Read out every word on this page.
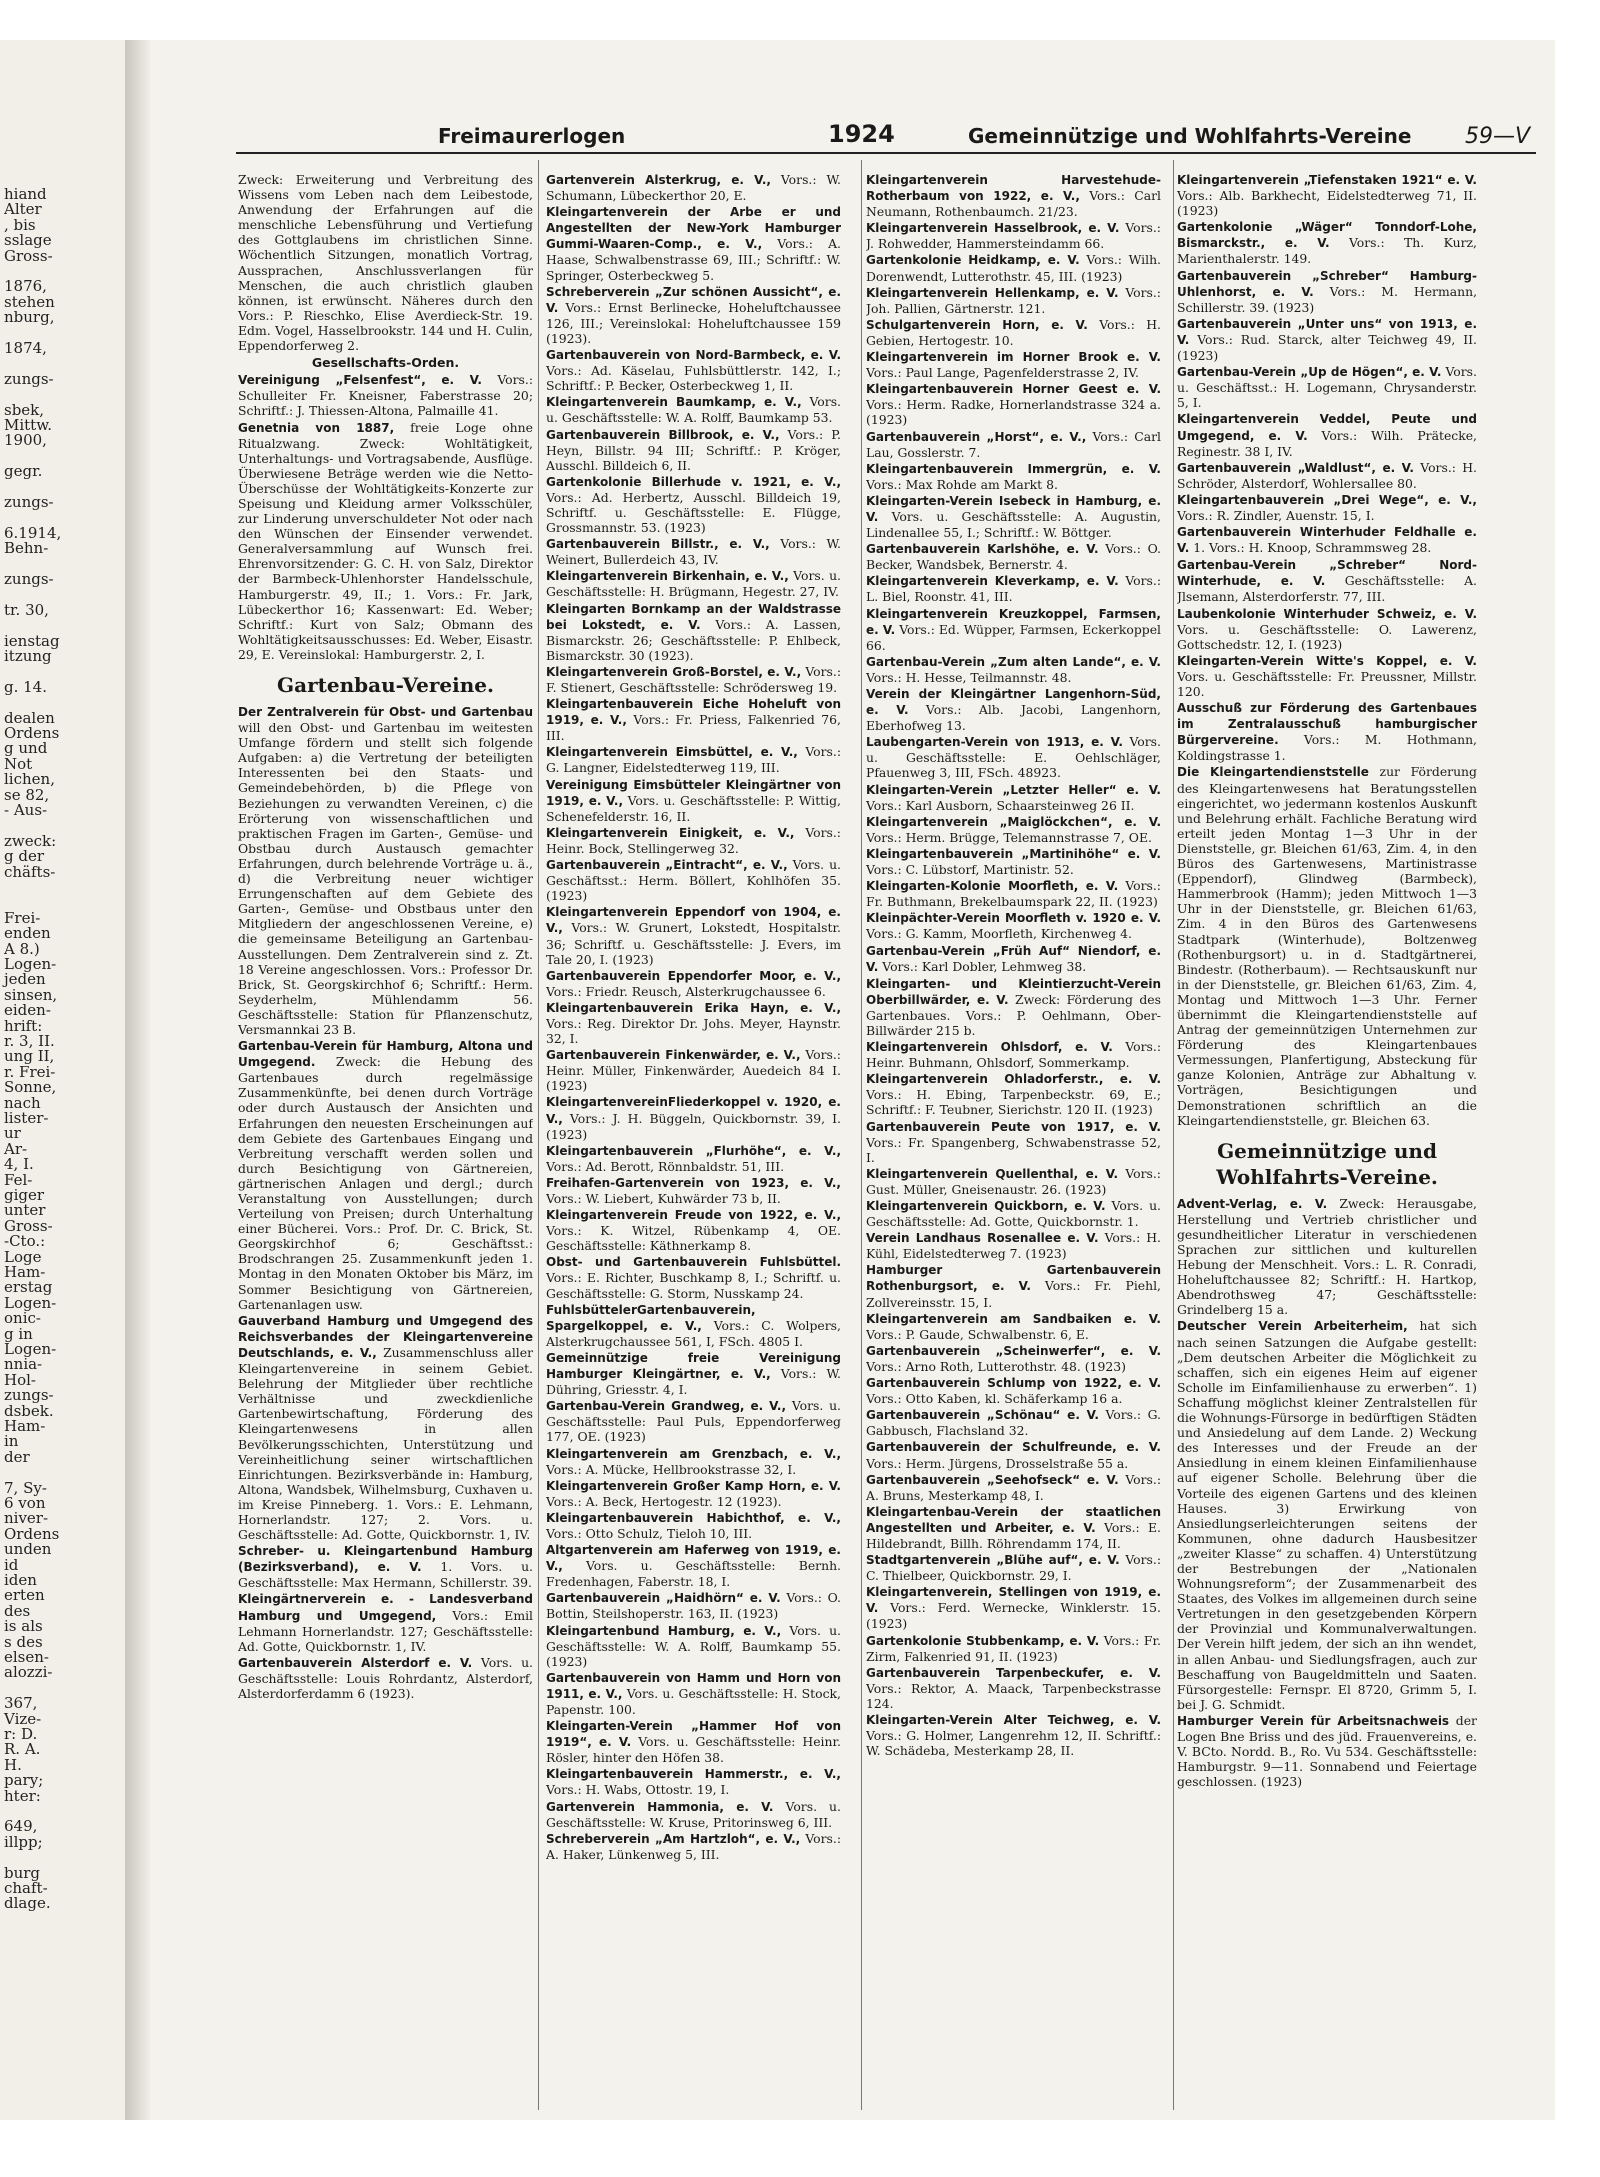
hiand
Alter
, bis
sslage
Gross-
1876,
stehen
nburg,
1874,
zungs-
sbek,
Mittw.
1900,
gegr.
zungs-
6.1914,
Behn-
zungs-
tr. 30,
ienstag
itzung
g. 14.
dealen
Ordens
g und
Not
lichen,
se 82,
- Aus-
zweck:
g der
chäfts-
Frei-
enden
A 8.)
Logen-
jeden
sinsen,
eiden-
hrift:
r. 3, II.
ung II,
r. Frei-
Sonne,
nach
lister-
ur
Ar-
4, I.
Fel-
giger
unter
Gross-
-Cto.:
Loge
Ham-
erstag
Logen-
onic-
g in
Logen-
nnia-
Hol-
zungs-
dsbek.
Ham-
in
der
7, Sy-
6 von
niver-
Ordens
unden
id
iden
erten
des
is als
s des
elsen-
alozzi-
367,
Vize-
r: D.
R. A.
H.
pary;
hter:
649,
illpp;
burg
chaft-
dlage.
Freimaurerlogen	1924	Gemeinnützige und Wohlfahrts-Vereine 59—V
Zweck: Erweiterung und Verbreitung des Wissens vom Leben nach dem Leibestode, Anwendung der Erfahrungen auf die menschliche Lebensführung und Vertiefung des Gottglaubens im christlichen Sinne. Wöchentlich Sitzungen, monatlich Vortrag, Aussprachen, Anschlussverlangen für Menschen, die auch christlich glauben können, ist erwünscht. Näheres durch den Vors.: P. Rieschko, Elise Averdieck-Str. 19. Edm. Vogel, Hasselbrookstr. 144 und H. Culin, Eppendorferweg 2.
Gesellschafts-Orden.
Vereinigung „Felsenfest“, e. V. Vors.: Schulleiter Fr. Kneisner, Faberstrasse 20; Schriftf.: J. Thiessen-Altona, Palmaille 41.
Genetnia von 1887, freie Loge ohne Ritualzwang. Zweck: Wohltätigkeit, Unterhaltungs- und Vortragsabende, Ausflüge. Überwiesene Beträge werden wie die Netto-Überschüsse der Wohltätigkeits-Konzerte zur Speisung und Kleidung armer Volksschüler, zur Linderung unverschuldeter Not oder nach den Wünschen der Einsender verwendet. Generalversammlung auf Wunsch frei. Ehrenvorsitzender: G. C. H. von Salz, Direktor der Barmbeck-Uhlenhorster Handelsschule, Hamburgerstr. 49, II.; 1. Vors.: Fr. Jark, Lübeckerthor 16; Kassenwart: Ed. Weber; Schriftf.: Kurt von Salz; Obmann des Wohltätigkeitsausschusses: Ed. Weber, Eisastr. 29, E. Vereinslokal: Hamburgerstr. 2, I.
Gartenbau-Vereine.
Der Zentralverein für Obst- und Gartenbau will den Obst- und Gartenbau im weitesten Umfange fördern und stellt sich folgende Aufgaben: a) die Vertretung der beteiligten Interessenten bei den Staats- und Gemeindebehörden, b) die Pflege von Beziehungen zu verwandten Vereinen, c) die Erörterung von wissenschaftlichen und praktischen Fragen im Garten-, Gemüse- und Obstbau durch Austausch gemachter Erfahrungen, durch belehrende Vorträge u. ä., d) die Verbreitung neuer wichtiger Errungenschaften auf dem Gebiete des Garten-, Gemüse- und Obstbaus unter den Mitgliedern der angeschlossenen Vereine, e) die gemeinsame Beteiligung an Gartenbau-Ausstellungen. Dem Zentralverein sind z. Zt. 18 Vereine angeschlossen. Vors.: Professor Dr. Brick, St. Georgskirchhof 6; Schriftf.: Herm. Seyderhelm, Mühlendamm 56. Geschäftsstelle: Station für Pflanzenschutz, Versmannkai 23 B.
Gartenbau-Verein für Hamburg, Altona und Umgegend. Zweck: die Hebung des Gartenbaues durch regelmässige Zusammenkünfte, bei denen durch Vorträge oder durch Austausch der Ansichten und Erfahrungen den neuesten Erscheinungen auf dem Gebiete des Gartenbaues Eingang und Verbreitung verschafft werden sollen und durch Besichtigung von Gärtnereien, gärtnerischen Anlagen und dergl.; durch Veranstaltung von Ausstellungen; durch Verteilung von Preisen; durch Unterhaltung einer Bücherei. Vors.: Prof. Dr. C. Brick, St. Georgskirchhof 6; Geschäftsst.: Brodschrangen 25. Zusammenkunft jeden 1. Montag in den Monaten Oktober bis März, im Sommer Besichtigung von Gärtnereien, Gartenanlagen usw.
Gauverband Hamburg und Umgegend des Reichsverbandes der Kleingartenvereine Deutschlands, e. V., Zusammenschluss aller Kleingartenvereine in seinem Gebiet. Belehrung der Mitglieder über rechtliche Verhältnisse und zweckdienliche Gartenbewirtschaftung, Förderung des Kleingartenwesens in allen Bevölkerungsschichten, Unterstützung und Vereinheitlichung seiner wirtschaftlichen Einrichtungen. Bezirksverbände in: Hamburg, Altona, Wandsbek, Wilhelmsburg, Cuxhaven u. im Kreise Pinneberg. 1. Vors.: E. Lehmann, Hornerlandstr. 127; 2. Vors. u. Geschäftsstelle: Ad. Gotte, Quickbornstr. 1, IV.
Schreber- u. Kleingartenbund Hamburg (Bezirksverband), e. V. 1. Vors. u. Geschäftsstelle: Max Hermann, Schillerstr. 39.
Kleingärtnerverein e. - Landesverband Hamburg und Umgegend, Vors.: Emil Lehmann Hornerlandstr. 127; Geschäftsstelle: Ad. Gotte, Quickbornstr. 1, IV.
Gartenbauverein Alsterdorf e. V. Vors. u. Geschäftsstelle: Louis Rohrdantz, Alsterdorf, Alsterdorferdamm 6 (1923).
Gartenverein Alsterkrug, e. V., Vors.: W. Schumann, Lübeckerthor 20, E.
Kleingartenverein der Arbe er und Angestellten der New-York Hamburger Gummi-Waaren-Comp., e. V., Vors.: A. Haase, Schwalbenstrasse 69, III.; Schriftf.: W. Springer, Osterbeckweg 5.
Schreberverein „Zur schönen Aussicht“, e. V. Vors.: Ernst Berlinecke, Hoheluftchaussee 126, III.; Vereinslokal: Hoheluftchaussee 159 (1923).
Gartenbauverein von Nord-Barmbeck, e. V. Vors.: Ad. Käselau, Fuhlsbüttlerstr. 142, I.; Schriftf.: P. Becker, Osterbeckweg 1, II.
Kleingartenverein Baumkamp, e. V., Vors. u. Geschäftsstelle: W. A. Rolff, Baumkamp 53.
Gartenbauverein Billbrook, e. V., Vors.: P. Heyn, Billstr. 94 III; Schriftf.: P. Kröger, Ausschl. Billdeich 6, II.
Gartenkolonie Billerhude v. 1921, e. V., Vors.: Ad. Herbertz, Ausschl. Billdeich 19, Schriftf. u. Geschäftsstelle: E. Flügge, Grossmannstr. 53. (1923)
Gartenbauverein Billstr., e. V., Vors.: W. Weinert, Bullerdeich 43, IV.
Kleingartenverein Birkenhain, e. V., Vors. u. Geschäftsstelle: H. Brügmann, Hegestr. 27, IV.
Kleingarten Bornkamp an der Waldstrasse bei Lokstedt, e. V. Vors.: A. Lassen, Bismarckstr. 26; Geschäftsstelle: P. Ehlbeck, Bismarckstr. 30 (1923).
Kleingartenverein Groß-Borstel, e. V., Vors.: F. Stienert, Geschäftsstelle: Schrödersweg 19.
Kleingartenbauverein Eiche Hoheluft von 1919, e. V., Vors.: Fr. Priess, Falkenried 76, III.
Kleingartenverein Eimsbüttel, e. V., Vors.: G. Langner, Eidelstedterweg 119, III.
Vereinigung Eimsbütteler Kleingärtner von 1919, e. V., Vors. u. Geschäftsstelle: P. Wittig, Schenefelderstr. 16, II.
Kleingartenverein Einigkeit, e. V., Vors.: Heinr. Bock, Stellingerweg 32.
Gartenbauverein „Eintracht“, e. V., Vors. u. Geschäftsst.: Herm. Böllert, Kohlhöfen 35. (1923)
Kleingartenverein Eppendorf von 1904, e. V., Vors.: W. Grunert, Lokstedt, Hospitalstr. 36; Schriftf. u. Geschäftsstelle: J. Evers, im Tale 20, I. (1923)
Gartenbauverein Eppendorfer Moor, e. V., Vors.: Friedr. Reusch, Alsterkrugchaussee 6.
Kleingartenbauverein Erika Hayn, e. V., Vors.: Reg. Direktor Dr. Johs. Meyer, Haynstr. 32, I.
Gartenbauverein Finkenwärder, e. V., Vors.: Heinr. Müller, Finkenwärder, Auedeich 84 I. (1923)
KleingartenvereinFliederkoppel v. 1920, e. V., Vors.: J. H. Büggeln, Quickbornstr. 39, I. (1923)
Kleingartenbauverein „Flurhöhe“, e. V., Vors.: Ad. Berott, Rönnbaldstr. 51, III.
Freihafen-Gartenverein von 1923, e. V., Vors.: W. Liebert, Kuhwärder 73 b, II.
Kleingartenverein Freude von 1922, e. V., Vors.: K. Witzel, Rübenkamp 4, OE. Geschäftsstelle: Käthnerkamp 8.
Obst- und Gartenbauverein Fuhlsbüttel. Vors.: E. Richter, Buschkamp 8, I.; Schriftf. u. Geschäftsstelle: G. Storm, Nusskamp 24.
FuhlsbüttelerGartenbauverein, Spargelkoppel, e. V., Vors.: C. Wolpers, Alsterkrugchaussee 561, I, FSch. 4805 I.
Gemeinnützige freie Vereinigung Hamburger Kleingärtner, e. V., Vors.: W. Dühring, Griesstr. 4, I.
Gartenbau-Verein Grandweg, e. V., Vors. u. Geschäftsstelle: Paul Puls, Eppendorferweg 177, OE. (1923)
Kleingartenverein am Grenzbach, e. V., Vors.: A. Mücke, Hellbrookstrasse 32, I.
Kleingartenverein Großer Kamp Horn, e. V. Vors.: A. Beck, Hertogestr. 12 (1923).
Kleingartenbauverein Habichthof, e. V., Vors.: Otto Schulz, Tieloh 10, III.
Altgartenverein am Haferweg von 1919, e. V., Vors. u. Geschäftsstelle: Bernh. Fredenhagen, Faberstr. 18, I.
Gartenbauverein „Haidhörn“ e. V. Vors.: O. Bottin, Steilshoperstr. 163, II. (1923)
Kleingartenbund Hamburg, e. V., Vors. u. Geschäftsstelle: W. A. Rolff, Baumkamp 55. (1923)
Gartenbauverein von Hamm und Horn von 1911, e. V., Vors. u. Geschäftsstelle: H. Stock, Papenstr. 100.
Kleingarten-Verein „Hammer Hof von 1919“, e. V. Vors. u. Geschäftsstelle: Heinr. Rösler, hinter den Höfen 38.
Kleingartenbauverein Hammerstr., e. V., Vors.: H. Wabs, Ottostr. 19, I.
Gartenverein Hammonia, e. V. Vors. u. Geschäftsstelle: W. Kruse, Pritorinsweg 6, III.
Schreberverein „Am Hartzloh“, e. V., Vors.: A. Haker, Lünkenweg 5, III.
Kleingartenverein Harvestehude-Rotherbaum von 1922, e. V., Vors.: Carl Neumann, Rothenbaumch. 21/23.
Kleingartenverein Hasselbrook, e. V. Vors.: J. Rohwedder, Hammersteindamm 66.
Gartenkolonie Heidkamp, e. V. Vors.: Wilh. Dorenwendt, Lutterothstr. 45, III. (1923)
Kleingartenverein Hellenkamp, e. V. Vors.: Joh. Pallien, Gärtnerstr. 121.
Schulgartenverein Horn, e. V. Vors.: H. Gebien, Hertogestr. 10.
Kleingartenverein im Horner Brook e. V. Vors.: Paul Lange, Pagenfelderstrasse 2, IV.
Kleingartenbauverein Horner Geest e. V. Vors.: Herm. Radke, Hornerlandstrasse 324 a. (1923)
Gartenbauverein „Horst“, e. V., Vors.: Carl Lau, Gosslerstr. 7.
Kleingartenbauverein Immergrün, e. V. Vors.: Max Rohde am Markt 8.
Kleingarten-Verein Isebeck in Hamburg, e. V. Vors. u. Geschäftsstelle: A. Augustin, Lindenallee 55, I.; Schriftf.: W. Böttger.
Gartenbauverein Karlshöhe, e. V. Vors.: O. Becker, Wandsbek, Bernerstr. 4.
Kleingartenverein Kleverkamp, e. V. Vors.: L. Biel, Roonstr. 41, III.
Kleingartenverein Kreuzkoppel, Farmsen, e. V. Vors.: Ed. Wüpper, Farmsen, Eckerkoppel 66.
Gartenbau-Verein „Zum alten Lande“, e. V. Vors.: H. Hesse, Teilmannstr. 48.
Verein der Kleingärtner Langenhorn-Süd, e. V. Vors.: Alb. Jacobi, Langenhorn, Eberhofweg 13.
Laubengarten-Verein von 1913, e. V. Vors. u. Geschäftsstelle: E. Oehlschläger, Pfauenweg 3, III, FSch. 48923.
Kleingarten-Verein „Letzter Heller“ e. V. Vors.: Karl Ausborn, Schaarsteinweg 26 II.
Kleingartenverein „Maiglöckchen“, e. V. Vors.: Herm. Brügge, Telemannstrasse 7, OE.
Kleingartenbauverein „Martinihöhe“ e. V. Vors.: C. Lübstorf, Martinistr. 52.
Kleingarten-Kolonie Moorfleth, e. V. Vors.: Fr. Buthmann, Brekelbaumspark 22, II. (1923)
Kleinpächter-Verein Moorfleth v. 1920 e. V. Vors.: G. Kamm, Moorfleth, Kirchenweg 4.
Gartenbau-Verein „Früh Auf“ Niendorf, e. V. Vors.: Karl Dobler, Lehmweg 38.
Kleingarten- und Kleintierzucht-Verein Oberbillwärder, e. V. Zweck: Förderung des Gartenbaues. Vors.: P. Oehlmann, Ober-Billwärder 215 b.
Kleingartenverein Ohlsdorf, e. V. Vors.: Heinr. Buhmann, Ohlsdorf, Sommerkamp.
Kleingartenverein Ohladorferstr., e. V. Vors.: H. Ebing, Tarpenbeckstr. 69, E.; Schriftf.: F. Teubner, Sierichstr. 120 II. (1923)
Gartenbauverein Peute von 1917, e. V. Vors.: Fr. Spangenberg, Schwabenstrasse 52, I.
Kleingartenverein Quellenthal, e. V. Vors.: Gust. Müller, Gneisenaustr. 26. (1923)
Kleingartenverein Quickborn, e. V. Vors. u. Geschäftsstelle: Ad. Gotte, Quickbornstr. 1.
Verein Landhaus Rosenallee e. V. Vors.: H. Kühl, Eidelstedterweg 7. (1923)
Hamburger Gartenbauverein Rothenburgsort, e. V. Vors.: Fr. Piehl, Zollvereinsstr. 15, I.
Kleingartenverein am Sandbaiken e. V. Vors.: P. Gaude, Schwalbenstr. 6, E.
Gartenbauverein „Scheinwerfer“, e. V. Vors.: Arno Roth, Lutterothstr. 48. (1923)
Gartenbauverein Schlump von 1922, e. V. Vors.: Otto Kaben, kl. Schäferkamp 16 a.
Gartenbauverein „Schönau“ e. V. Vors.: G. Gabbusch, Flachsland 32.
Gartenbauverein der Schulfreunde, e. V. Vors.: Herm. Jürgens, Drosselstraße 55 a.
Gartenbauverein „Seehofseck“ e. V. Vors.: A. Bruns, Mesterkamp 48, I.
Kleingartenbau-Verein der staatlichen Angestellten und Arbeiter, e. V. Vors.: E. Hildebrandt, Billh. Röhrendamm 174, II.
Stadtgartenverein „Blühe auf“, e. V. Vors.: C. Thielbeer, Quickbornstr. 29, I.
Kleingartenverein, Stellingen von 1919, e. V. Vors.: Ferd. Wernecke, Winklerstr. 15. (1923)
Gartenkolonie Stubbenkamp, e. V. Vors.: Fr. Zirm, Falkenried 91, II. (1923)
Gartenbauverein Tarpenbeckufer, e. V. Vors.: Rektor, A. Maack, Tarpenbeckstrasse 124.
Kleingarten-Verein Alter Teichweg, e. V. Vors.: G. Holmer, Langenrehm 12, II. Schriftf.: W. Schädeba, Mesterkamp 28, II.
Kleingartenverein „Tiefenstaken 1921“ e. V. Vors.: Alb. Barkhecht, Eidelstedterweg 71, II. (1923)
Gartenkolonie „Wäger“ Tonndorf-Lohe, Bismarckstr., e. V. Vors.: Th. Kurz, Marienthalerstr. 149.
Gartenbauverein „Schreber“ Hamburg-Uhlenhorst, e. V. Vors.: M. Hermann, Schillerstr. 39. (1923)
Gartenbauverein „Unter uns“ von 1913, e. V. Vors.: Rud. Starck, alter Teichweg 49, II. (1923)
Gartenbau-Verein „Up de Högen“, e. V. Vors. u. Geschäftsst.: H. Logemann, Chrysanderstr. 5, I.
Kleingartenverein Veddel, Peute und Umgegend, e. V. Vors.: Wilh. Prätecke, Reginestr. 38 I, IV.
Gartenbauverein „Waldlust“, e. V. Vors.: H. Schröder, Alsterdorf, Wohlersallee 80.
Kleingartenbauverein „Drei Wege“, e. V., Vors.: R. Zindler, Auenstr. 15, I.
Gartenbauverein Winterhuder Feldhalle e. V. 1. Vors.: H. Knoop, Schrammsweg 28.
Gartenbau-Verein „Schreber“ Nord-Winterhude, e. V. Geschäftsstelle: A. Jlsemann, Alsterdorferstr. 77, III.
Laubenkolonie Winterhuder Schweiz, e. V. Vors. u. Geschäftsstelle: O. Lawerenz, Gottschedstr. 12, I. (1923)
Kleingarten-Verein Witte's Koppel, e. V. Vors. u. Geschäftsstelle: Fr. Preussner, Millstr. 120.
Ausschuß zur Förderung des Gartenbaues im Zentralausschuß hamburgischer Bürgervereine. Vors.: M. Hothmann, Koldingstrasse 1.
Die Kleingartendienststelle zur Förderung des Kleingartenwesens hat Beratungsstellen eingerichtet, wo jedermann kostenlos Auskunft und Belehrung erhält. Fachliche Beratung wird erteilt jeden Montag 1—3 Uhr in der Dienststelle, gr. Bleichen 61/63, Zim. 4, in den Büros des Gartenwesens, Martinistrasse (Eppendorf), Glindweg (Barmbeck), Hammerbrook (Hamm); jeden Mittwoch 1—3 Uhr in der Dienststelle, gr. Bleichen 61/63, Zim. 4 in den Büros des Gartenwesens Stadtpark (Winterhude), Boltzenweg (Rothenburgsort) u. in d. Stadtgärtnerei, Bindestr. (Rotherbaum). — Rechtsauskunft nur in der Dienststelle, gr. Bleichen 61/63, Zim. 4, Montag und Mittwoch 1—3 Uhr. Ferner übernimmt die Kleingartendienststelle auf Antrag der gemeinnützigen Unternehmen zur Förderung des Kleingartenbaues Vermessungen, Planfertigung, Absteckung für ganze Kolonien, Anträge zur Abhaltung v. Vorträgen, Besichtigungen und Demonstrationen schriftlich an die Kleingartendienststelle, gr. Bleichen 63.
Gemeinnützige und Wohlfahrts-Vereine.
Advent-Verlag, e. V. Zweck: Herausgabe, Herstellung und Vertrieb christlicher und gesundheitlicher Literatur in verschiedenen Sprachen zur sittlichen und kulturellen Hebung der Menschheit. Vors.: L. R. Conradi, Hoheluftchaussee 82; Schriftf.: H. Hartkop, Abendrothsweg 47; Geschäftsstelle: Grindelberg 15 a.
Deutscher Verein Arbeiterheim, hat sich nach seinen Satzungen die Aufgabe gestellt: „Dem deutschen Arbeiter die Möglichkeit zu schaffen, sich ein eigenes Heim auf eigener Scholle im Einfamilienhause zu erwerben“. 1) Schaffung möglichst kleiner Zentralstellen für die Wohnungs-Fürsorge in bedürftigen Städten und Ansiedelung auf dem Lande. 2) Weckung des Interesses und der Freude an der Ansiedlung in einem kleinen Einfamilienhause auf eigener Scholle. Belehrung über die Vorteile des eigenen Gartens und des kleinen Hauses. 3) Erwirkung von Ansiedlungserleichterungen seitens der Kommunen, ohne dadurch Hausbesitzer „zweiter Klasse“ zu schaffen. 4) Unterstützung der Bestrebungen der „Nationalen Wohnungsreform“; der Zusammenarbeit des Staates, des Volkes im allgemeinen durch seine Vertretungen in den gesetzgebenden Körpern der Provinzial und Kommunalverwaltungen. Der Verein hilft jedem, der sich an ihn wendet, in allen Anbau- und Siedlungsfragen, auch zur Beschaffung von Baugeldmitteln und Saaten. Fürsorgestelle: Fernspr. El 8720, Grimm 5, I. bei J. G. Schmidt.
Hamburger Verein für Arbeitsnachweis der Logen Bne Briss und des jüd. Frauenvereins, e. V. BCto. Nordd. B., Ro. Vu 534. Geschäftsstelle: Hamburgstr. 9—11. Sonnabend und Feiertage geschlossen. (1923)
